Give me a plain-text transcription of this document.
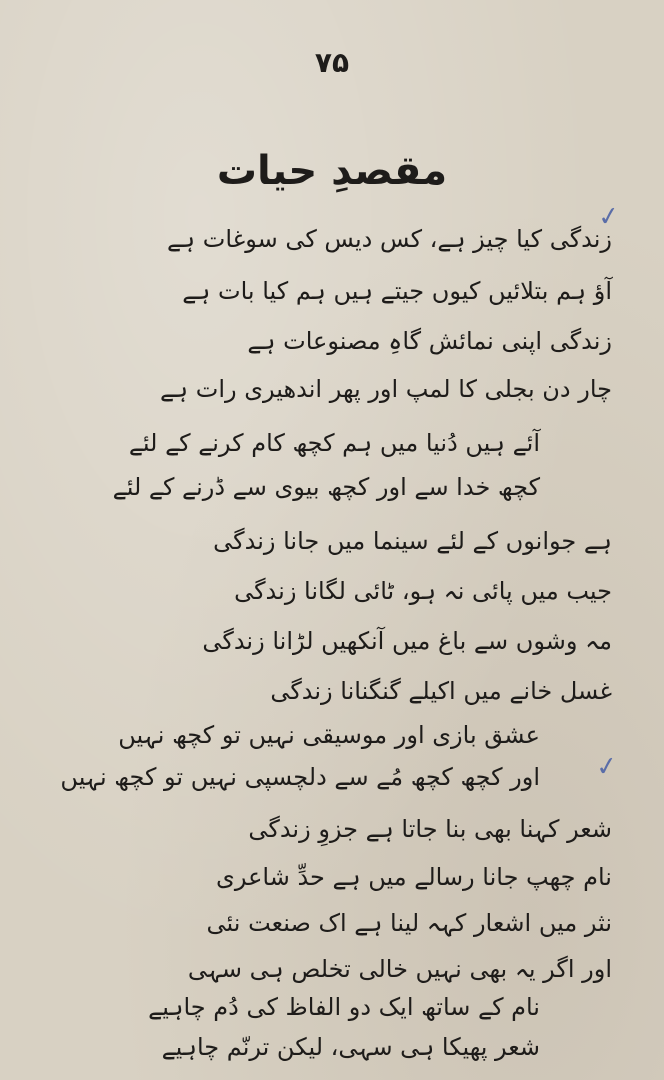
۷۵
مقصدِ حیات
✓
✓
زندگی کیا چیز ہے، کس دیس کی سوغات ہے
آؤ ہم بتلائیں کیوں جیتے ہیں ہم کیا بات ہے
زندگی اپنی نمائش گاہِ مصنوعات ہے
چار دن بجلی کا لمپ اور پھر اندھیری رات ہے
آئے ہیں دُنیا میں ہم کچھ کام کرنے کے لئے
کچھ خدا سے اور کچھ بیوی سے ڈرنے کے لئے
ہے جوانوں کے لئے سینما میں جانا زندگی
جیب میں پائی نہ ہو، ٹائی لگانا زندگی
مہ وشوں سے باغ میں آنکھیں لڑانا زندگی
غسل خانے میں اکیلے گنگنانا زندگی
عشق بازی اور موسیقی نہیں تو کچھ نہیں
اور کچھ کچھ مُے سے دلچسپی نہیں تو کچھ نہیں
شعر کہنا بھی بنا جاتا ہے جزوِ زندگی
نام چھپ جانا رسالے میں ہے حدِّ شاعری
نثر میں اشعار کہہ لینا ہے اک صنعت نئی
اور اگر یہ بھی نہیں خالی تخلص ہی سہی
نام کے ساتھ ایک دو الفاظ کی دُم چاہیے
شعر پھیکا ہی سہی، لیکن ترنّم چاہیے
